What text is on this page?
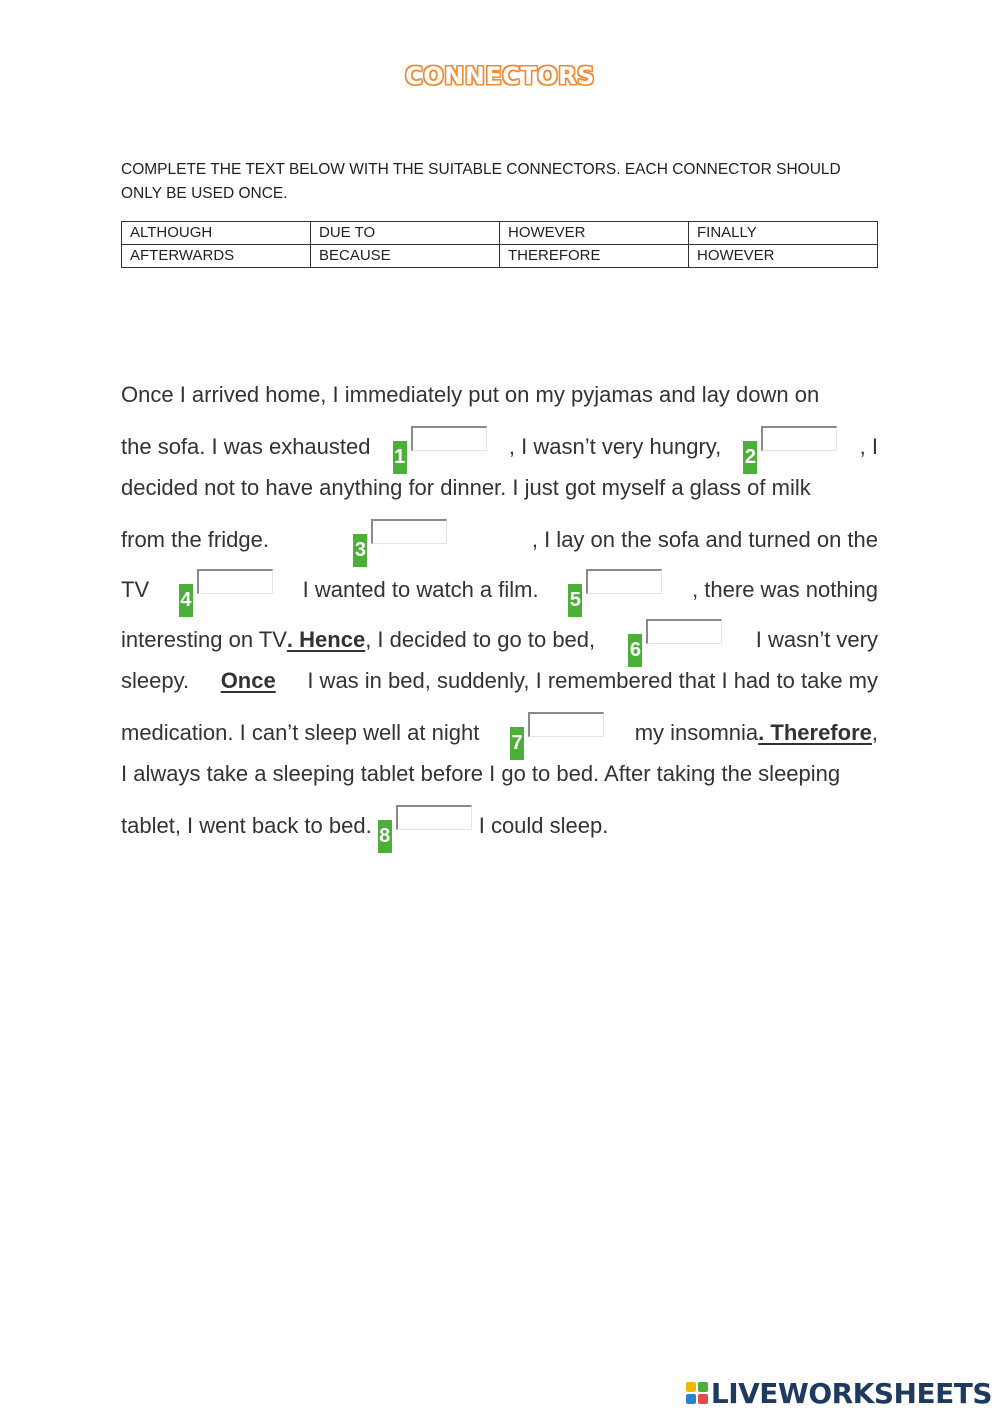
CONNECTORS
COMPLETE THE TEXT BELOW WITH THE SUITABLE CONNECTORS. EACH CONNECTOR SHOULD ONLY BE USED ONCE.
ALTHOUGH	DUE TO	HOWEVER	FINALLY
AFTERWARDS	BECAUSE	THEREFORE	HOWEVER
Once I arrived home, I immediately put on my pyjamas and lay down on
the sofa. I was exhausted 1	, I wasn’t very hungry, 2	, I
decided not to have anything for dinner. I just got myself a glass of milk
from the fridge.	3	, I lay on the sofa and turned on the
TV 4	I wanted to watch a film. 5	, there was nothing
interesting on TV. Hence, I decided to go to bed, 6	I wasn’t very
sleepy. Once I was in bed, suddenly, I remembered that I had to take my
medication. I can’t sleep well at night 7	my insomnia. Therefore,
I always take a sleeping tablet before I go to bed. After taking the sleeping
tablet, I went back to bed. 8	I could sleep.
LIVEWORKSHEETS
